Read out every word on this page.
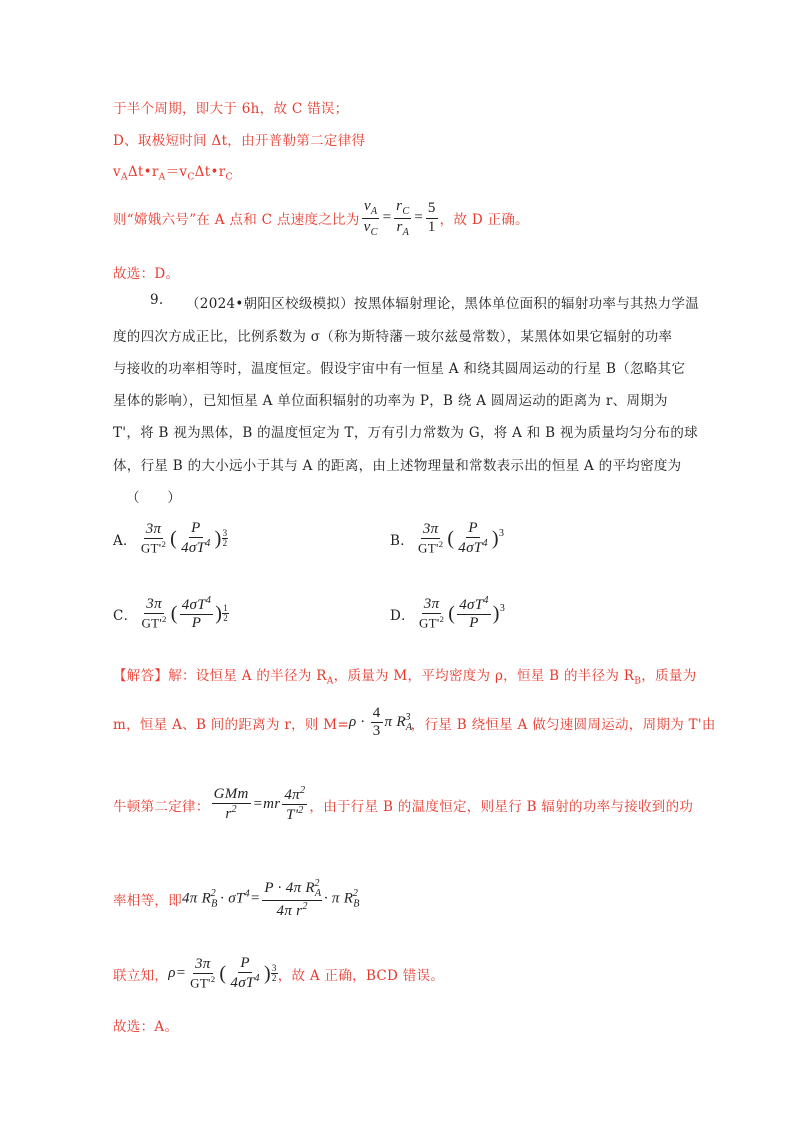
于半个周期，即大于 6h，故 C 错误；
D、取极短时间 Δt，由开普勒第二定律得
$v_A\Delta t•r_A=v_C\Delta t•r_C$
则“嫦娥六号”在 A 点和 C 点速度之比为 $\frac{v_A}{v_C} = \frac{r_C}{r_A} = \frac{5}{1}$ ，故 D 正确。
故选：D。
9. （2024•朝阳区校级模拟）按黑体辐射理论，黑体单位面积的辐射功率与其热力学温
度的四次方成正比，比例系数为 σ（称为斯特藩－玻尔兹曼常数），某黑体如果它辐射的功率
与接收的功率相等时，温度恒定。假设宇宙中有一恒星 A 和绕其圆周运动的行星 B（忽略其它
星体的影响），已知恒星 A 单位面积辐射的功率为 P，B 绕 A 圆周运动的距离为 r、周期为
T'，将 B 视为黑体，B 的温度恒定为 T，万有引力常数为 G，将 A 和 B 视为质量均匀分布的球
体，行星 B 的大小远小于其与 A 的距离，由上述物理量和常数表示出的恒星 A 的平均密度为
（　　）
A． $\frac{3\pi}{GT'^2}$ ( $\frac{P}{4\sigma T^4}$ ) $\frac{3}{2}$	B． $\frac{3\pi}{GT'^2}$ ( $\frac{P}{4\sigma T^4} )^3$
C． $\frac{3\pi}{GT'^2}$ ( $\frac{4\sigma T^4}{P}$ ) $\frac{1}{2}$	D． $\frac{3\pi}{GT'^2}$ ( $\frac{4\sigma T^4}{P} )^3$
【解答】解：设恒星 A 的半径为 $R_A$，质量为 M，平均密度为 ρ，恒星 B 的半径为 $R_B$，质量为
m，恒星 A、B 间的距离为 r，则 $M= \rho \cdot \frac{4}{3}$ π $R_A^3$ ，行星 B 绕恒星 A 做匀速圆周运动，周期为 T'由
牛顿第二定律： $\frac{\text{GMm}}{r^2} =mr \frac{4\pi^2}{T'^2}$ ，由于行星 B 的温度恒定，则星行 B 辐射的功率与接收到的功
率相等，即 4π $R_B^2 \cdot \sigma T^4= \frac{P \cdot 4\pi R_A^2}{4\pi r^2} \cdot \pi$ $R_B^2$
联立知， $\rho= \frac{3\pi}{GT'^2}$ ( $\frac{P}{4\sigma T^4}$ ) $\frac{3}{2}$ ，故 A 正确，BCD 错误。
故选：A。
